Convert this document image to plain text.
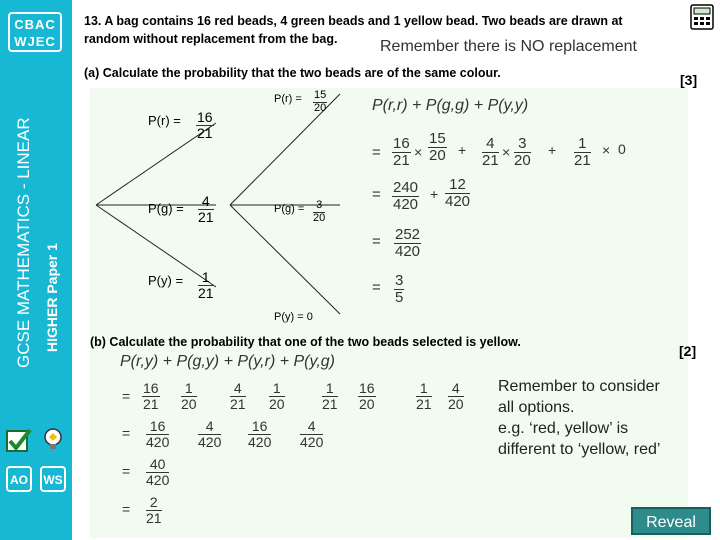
CBAC
WJEC
GCSE MATHEMATICS - LINEAR HIGHER Paper 1
AO WS
13. A bag contains 16 red beads, 4 green beads and 1 yellow bead. Two beads are drawn at
random without replacement from the bag.	Remember there is NO replacement
(a) Calculate the probability that the two beads are of the same colour.	[3]
$P(r) = \frac{16}{21}$
$P(g) = \frac{4}{21}$
$P(y) = \frac{1}{21}$
$P(r) = \frac{15}{20}$
$P(g) = \frac{3}{20}$
P(y) = 0
P(r,r) + P(g,g) + P(y,y)
= $\frac{16}{21} \times \frac{15}{20} + \frac{4}{21} \times \frac{3}{20} + \frac{1}{21} \times 0$
= $\frac{240}{420} + \frac{12}{420}$
= $\frac{252}{420}$
= $\frac{3}{5}$
(b) Calculate the probability that one of the two beads selected is yellow.
[2]
P(r,y) + P(g,y) + P(y,r) + P(y,g)
= $\frac{16}{21} \frac{1}{20} \frac{4}{21} \frac{1}{20}$	$\frac{1}{21} \frac{16}{20}$	$\frac{1}{21} \frac{4}{20}$
= $\frac{16}{420} \frac{4}{420} \frac{16}{420} \frac{4}{420}$
= $\frac{40}{420}$
= $\frac{2}{21}$
Remember to consider
all options.
e.g. ‘red, yellow’ is
different to ‘yellow, red’
Reveal
